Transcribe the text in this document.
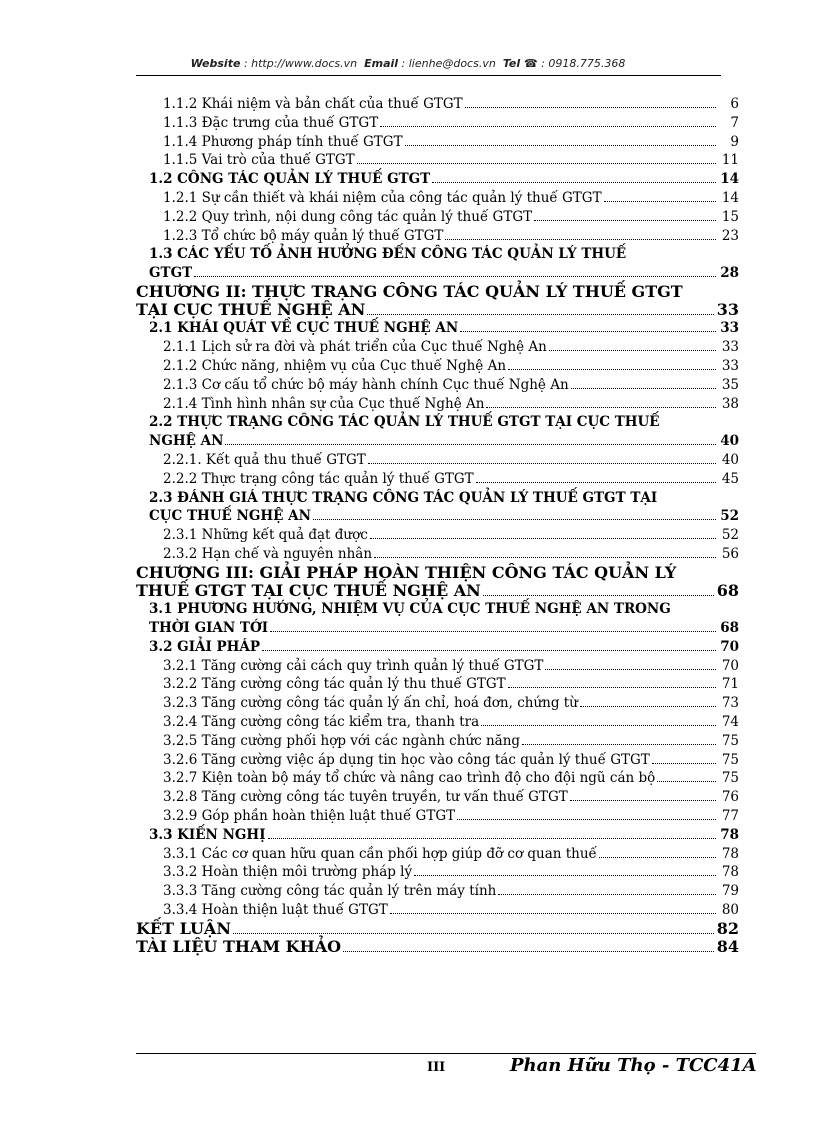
Website : http://www.docs.vn Email : lienhe@docs.vn Tel ☎ : 0918.775.368
1.1.2 Khái niệm và bản chất của thuế GTGT	6
1.1.3 Đặc trưng của thuế GTGT	7
1.1.4 Phương pháp tính thuế GTGT	9
1.1.5 Vai trò của thuế GTGT	11
1.2 CÔNG TÁC QUẢN LÝ THUẾ GTGT	14
1.2.1 Sự cần thiết và khái niệm của công tác quản lý thuế GTGT	14
1.2.2 Quy trình, nội dung công tác quản lý thuế GTGT	15
1.2.3 Tổ chức bộ máy quản lý thuế GTGT	23
1.3 CÁC YẾU TỐ ẢNH HƯỞNG ĐẾN CÔNG TÁC QUẢN LÝ THUẾ
GTGT	28
CHƯƠNG II: THỰC TRẠNG CÔNG TÁC QUẢN LÝ THUẾ GTGT
TẠI CỤC THUẾ NGHỆ AN	33
2.1 KHÁI QUÁT VỀ CỤC THUẾ NGHỆ AN	33
2.1.1 Lịch sử ra đời và phát triển của Cục thuế Nghệ An	33
2.1.2 Chức năng, nhiệm vụ của Cục thuế Nghệ An	33
2.1.3 Cơ cấu tổ chức bộ máy hành chính Cục thuế Nghệ An	35
2.1.4 Tình hình nhân sự của Cục thuế Nghệ An	38
2.2 THỰC TRẠNG CÔNG TÁC QUẢN LÝ THUẾ GTGT TẠI CỤC THUẾ
NGHỆ AN	40
2.2.1. Kết quả thu thuế GTGT	40
2.2.2 Thực trạng công tác quản lý thuế GTGT	45
2.3 ĐÁNH GIÁ THỰC TRẠNG CÔNG TÁC QUẢN LÝ THUẾ GTGT TẠI
CỤC THUẾ NGHỆ AN	52
2.3.1 Những kết quả đạt được	52
2.3.2 Hạn chế và nguyên nhân	56
CHƯƠNG III: GIẢI PHÁP HOÀN THIỆN CÔNG TÁC QUẢN LÝ
THUẾ GTGT TẠI CỤC THUẾ NGHỆ AN	68
3.1 PHƯƠNG HƯỚNG, NHIỆM VỤ CỦA CỤC THUẾ NGHỆ AN TRONG
THỜI GIAN TỚI	68
3.2 GIẢI PHÁP	70
3.2.1 Tăng cường cải cách quy trình quản lý thuế GTGT	70
3.2.2 Tăng cường công tác quản lý thu thuế GTGT	71
3.2.3 Tăng cường công tác quản lý ấn chỉ, hoá đơn, chứng từ	73
3.2.4 Tăng cường công tác kiểm tra, thanh tra	74
3.2.5 Tăng cường phối hợp với các ngành chức năng	75
3.2.6 Tăng cường việc áp dụng tin học vào công tác quản lý thuế GTGT	75
3.2.7 Kiện toàn bộ máy tổ chức và nâng cao trình độ cho đội ngũ cán bộ	75
3.2.8 Tăng cường công tác tuyên truyền, tư vấn thuế GTGT	76
3.2.9 Góp phần hoàn thiện luật thuế GTGT	77
3.3 KIẾN NGHỊ	78
3.3.1 Các cơ quan hữu quan cần phối hợp giúp đỡ cơ quan thuế	78
3.3.2 Hoàn thiện môi trường pháp lý	78
3.3.3 Tăng cường công tác quản lý trên máy tính	79
3.3.4 Hoàn thiện luật thuế GTGT	80
KẾT LUẬN	82
TÀI LIỆU THAM KHẢO	84
III	Phan Hữu Thọ - TCC41A
